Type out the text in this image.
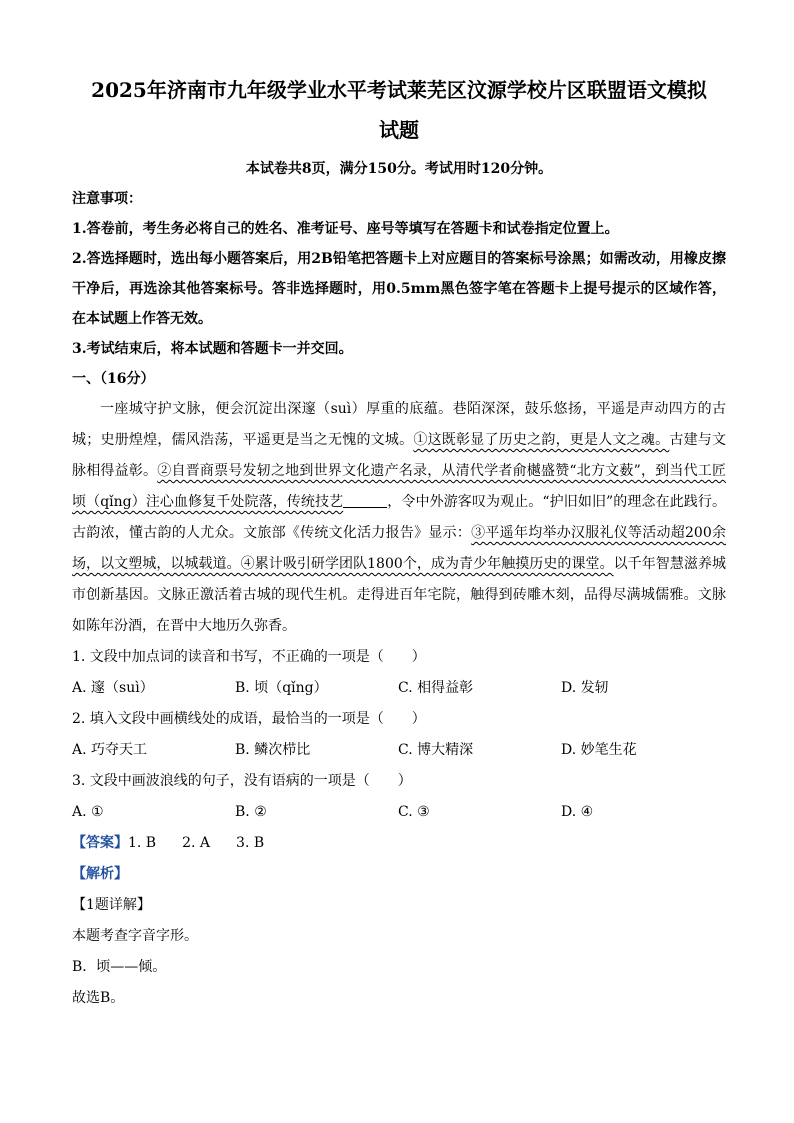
2025年济南市九年级学业水平考试莱芜区汶源学校片区联盟语文模拟
试题
本试卷共8页，满分150分。考试用时120分钟。

注意事项：

1.答卷前，考生务必将自己的姓名、准考证号、座号等填写在答题卡和试卷指定位置上。

2.答选择题时，选出每小题答案后，用2B铅笔把答题卡上对应题目的答案标号涂黑；如需改动，用橡皮擦干净后，再选涂其他答案标号。答非选择题时，用0.5mm黑色签字笔在答题卡上提号提示的区域作答，在本试题上作答无效。

3.考试结束后，将本试题和答题卡一并交回。

一、（16分）

一座城守护文脉，便会沉淀出深邃（suì）厚重的底蕴。巷陌深深，鼓乐悠扬，平遥是声动四方的古城；史册煌煌，儒风浩荡，平遥更是当之无愧的文城。①这既彰显了历史之韵，更是人文之魂。古建与文脉相得益彰。②自晋商票号发轫之地到世界文化遗产名录，从清代学者俞樾盛赞“北方文薮”，到当代工匠顷（qǐng）注心血修复千处院落，传统技艺	，令中外游客叹为观止。“护旧如旧”的理念在此践行。古韵浓，懂古韵的人尤众。文旅部《传统文化活力报告》显示：③平遥年均举办汉服礼仪等活动超200余场，以文塑城，以城载道。④累计吸引研学团队1800个，成为青少年触摸历史的课堂。以千年智慧滋养城市创新基因。文脉正激活着古城的现代生机。走得进百年宅院，触得到砖雕木刻，品得尽满城儒雅。文脉如陈年汾酒，在晋中大地历久弥香。

1. 文段中加点词的读音和书写，不正确的一项是（　　）

A. 邃（suì）	B. 顷（qǐng）	C. 相得益彰	D. 发轫

2. 填入文段中画横线处的成语，最恰当的一项是（　　）

A. 巧夺天工	B. 鳞次栉比	C. 博大精深	D. 妙笔生花

3. 文段中画波浪线的句子，没有语病的一项是（　　）

A. ①	B. ②	C. ③	D. ④

【答案】1. B 2. A 3. B

【解析】

【1题详解】

本题考查字音字形。

B．顷——倾。

故选B。
